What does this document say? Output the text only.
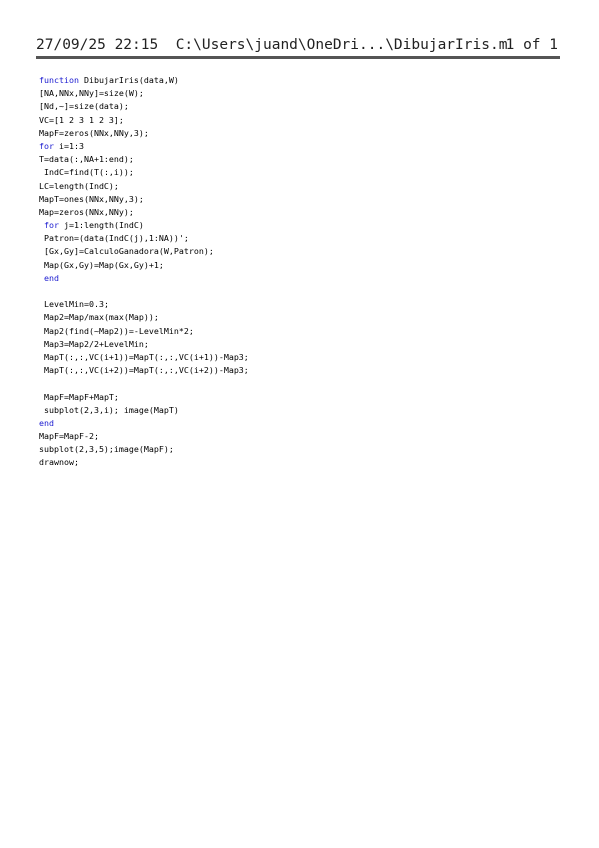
27/09/25 22:15 C:\Users\juand\OneDri...\DibujarIris.m

1 of 1

function DibujarIris(data,W)
[NA,NNx,NNy]=size(W);
[Nd,~]=size(data);
VC=[1 2 3 1 2 3];
MapF=zeros(NNx,NNy,3);
for i=1:3
T=data(:,NA+1:end);
IndC=find(T(:,i));
LC=length(IndC);
MapT=ones(NNx,NNy,3);
Map=zeros(NNx,NNy);
for j=1:length(IndC)
Patron=(data(IndC(j),1:NA))';
[Gx,Gy]=CalculoGanadora(W,Patron);
Map(Gx,Gy)=Map(Gx,Gy)+1;
end
LevelMin=0.3;
Map2=Map/max(max(Map));
Map2(find(~Map2))=-LevelMin*2;
Map3=Map2/2+LevelMin;
MapT(:,:,VC(i+1))=MapT(:,:,VC(i+1))-Map3;
MapT(:,:,VC(i+2))=MapT(:,:,VC(i+2))-Map3;
MapF=MapF+MapT;
subplot(2,3,i); image(MapT)
end
MapF=MapF-2;
subplot(2,3,5);image(MapF);
drawnow;
